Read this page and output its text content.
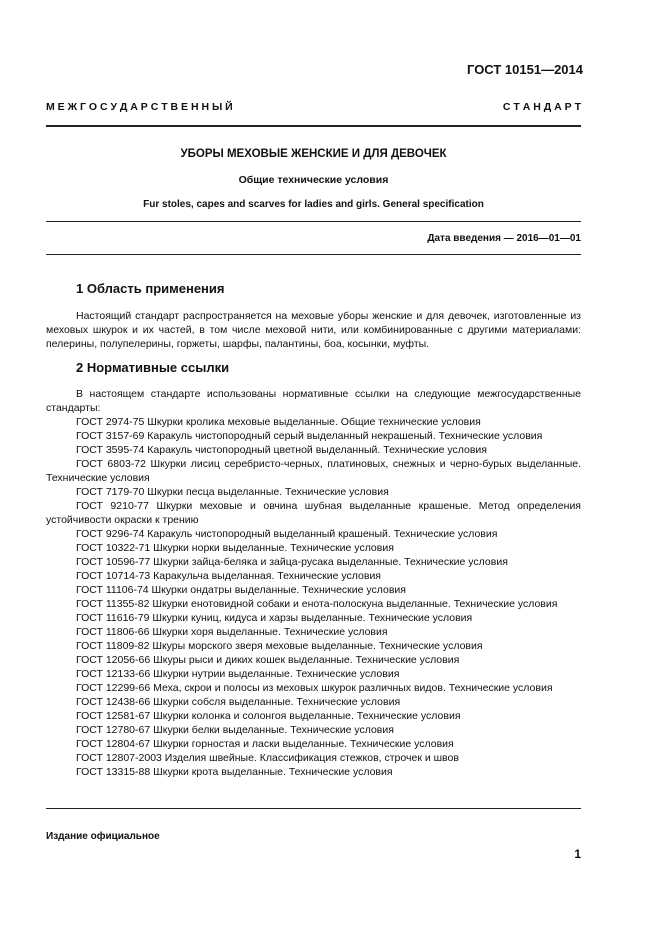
ГОСТ 10151—2014
М Е Ж Г О С У Д А Р С Т В Е Н Н Ы Й	С Т А Н Д А Р Т
УБОРЫ МЕХОВЫЕ ЖЕНСКИЕ И ДЛЯ ДЕВОЧЕК
Общие технические условия
Fur stoles, capes and scarves for ladies and girls. General specification
Дата введения — 2016—01—01
1 Область применения

Настоящий стандарт распространяется на меховые уборы женские и для девочек, изготовленные из меховых шкурок и их частей, в том числе меховой нити, или комбинированные с другими материалами: пелерины, полупелерины, горжеты, шарфы, палантины, боа, косынки, муфты.

2 Нормативные ссылки

В настоящем стандарте использованы нормативные ссылки на следующие межгосударственные стандарты:

ГОСТ 2974-75 Шкурки кролика меховые выделанные. Общие технические условия
ГОСТ 3157-69 Каракуль чистопородный серый выделанный некрашеный. Технические условия
ГОСТ 3595-74 Каракуль чистопородный цветной выделанный. Технические условия
ГОСТ 6803-72 Шкурки лисиц серебристо-черных, платиновых, снежных и черно-бурых выделанные. Технические условия
ГОСТ 7179-70 Шкурки песца выделанные. Технические условия
ГОСТ 9210-77 Шкурки меховые и овчина шубная выделанные крашеные. Метод определения устойчивости окраски к трению
ГОСТ 9296-74 Каракуль чистопородный выделанный крашеный. Технические условия
ГОСТ 10322-71 Шкурки норки выделанные. Технические условия
ГОСТ 10596-77 Шкурки зайца-беляка и зайца-русака выделанные. Технические условия
ГОСТ 10714-73 Каракульча выделанная. Технические условия
ГОСТ 11106-74 Шкурки ондатры выделанные. Технические условия
ГОСТ 11355-82 Шкурки енотовидной собаки и енота-полоскуна выделанные. Технические условия
ГОСТ 11616-79 Шкурки куниц, кидуса и харзы выделанные. Технические условия
ГОСТ 11806-66 Шкурки хоря выделанные. Технические условия
ГОСТ 11809-82 Шкуры морского зверя меховые выделанные. Технические условия
ГОСТ 12056-66 Шкуры рыси и диких кошек выделанные. Технические условия
ГОСТ 12133-66 Шкурки нутрии выделанные. Технические условия
ГОСТ 12299-66 Меха, скрои и полосы из меховых шкурок различных видов. Технические условия
ГОСТ 12438-66 Шкурки собсля выделанные. Технические условия
ГОСТ 12581-67 Шкурки колонка и солонгоя выделанные. Технические условия
ГОСТ 12780-67 Шкурки белки выделанные. Технические условия
ГОСТ 12804-67 Шкурки горностая и ласки выделанные. Технические условия
ГОСТ 12807-2003 Изделия швейные. Классификация стежков, строчек и швов
ГОСТ 13315-88 Шкурки крота выделанные. Технические условия
Издание официальное
1
